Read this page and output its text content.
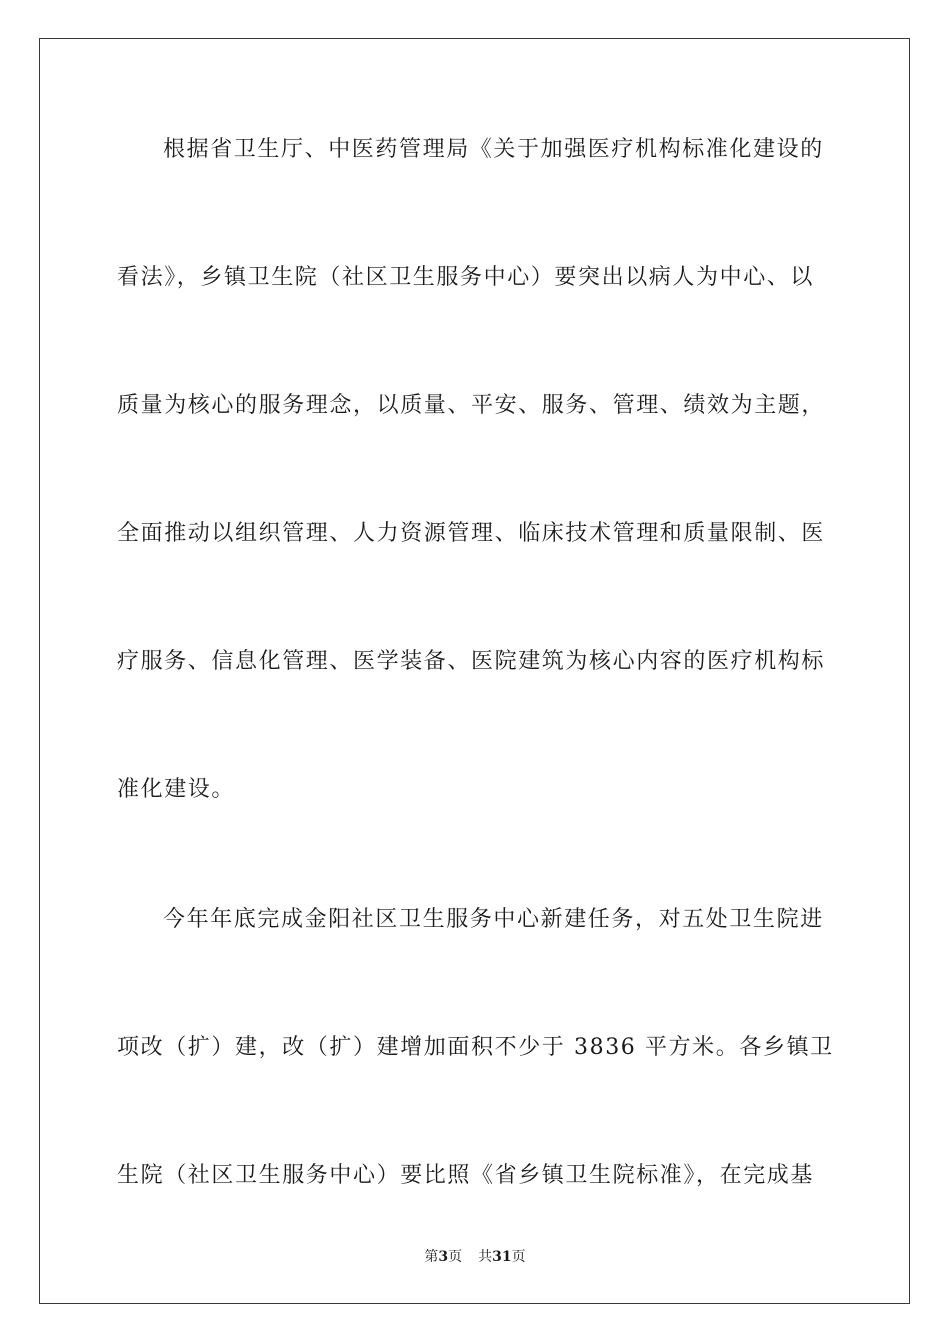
根据省卫生厅、中医药管理局《关于加强医疗机构标准化建设的
看法》，乡镇卫生院（社区卫生服务中心）要突出以病人为中心、以
质量为核心的服务理念，以质量、平安、服务、管理、绩效为主题，
全面推动以组织管理、人力资源管理、临床技术管理和质量限制、医
疗服务、信息化管理、医学装备、医院建筑为核心内容的医疗机构标
准化建设。
今年年底完成金阳社区卫生服务中心新建任务，对五处卫生院进
项改（扩）建，改（扩）建增加面积不少于 3836 平方米。各乡镇卫
生院（社区卫生服务中心）要比照《省乡镇卫生院标准》，在完成基
第3页 共31页
